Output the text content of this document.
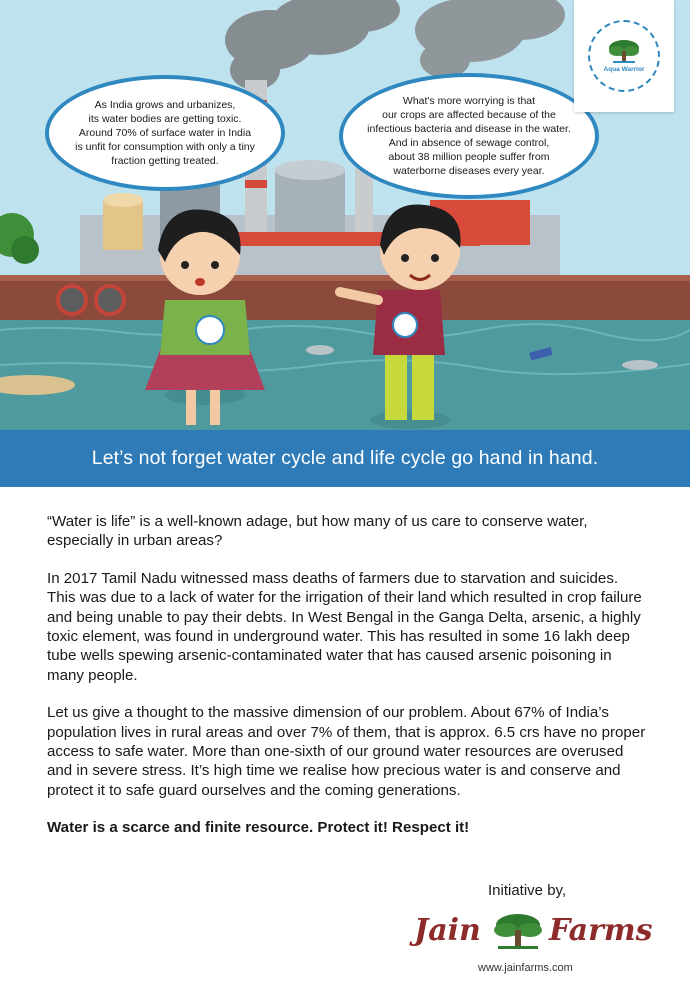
As India grows and urbanizes,
its water bodies are getting toxic.
Around 70% of surface water in India
is unfit for consumption with only a tiny
fraction getting treated.
What's more worrying is that
our crops are affected because of the
infectious bacteria and disease in the water.
And in absence of sewage control,
about 38 million people suffer from
waterborne diseases every year.
Aqua Warrior
Let’s not forget water cycle and life cycle go hand in hand.

“Water is life” is a well-known adage, but how many of us care to conserve water, especially in urban areas?

In 2017 Tamil Nadu witnessed mass deaths of farmers due to starvation and suicides. This was due to a lack of water for the irrigation of their land which resulted in crop failure and being unable to pay their debts. In West Bengal in the Ganga Delta, arsenic, a highly toxic element, was found in underground water. This has resulted in some 16 lakh deep tube wells spewing arsenic-contaminated water that has caused arsenic poisoning in many people.

Let us give a thought to the massive dimension of our problem. About 67% of India’s population lives in rural areas and over 7% of them, that is approx. 6.5 crs have no proper access to safe water. More than one-sixth of our ground water resources are overused and in severe stress. It’s high time we realise how precious water is and conserve and protect it to safe guard ourselves and the coming generations.

Water is a scarce and finite resource. Protect it! Respect it!

Initiative by,
Jain Farms
www.jainfarms.com
